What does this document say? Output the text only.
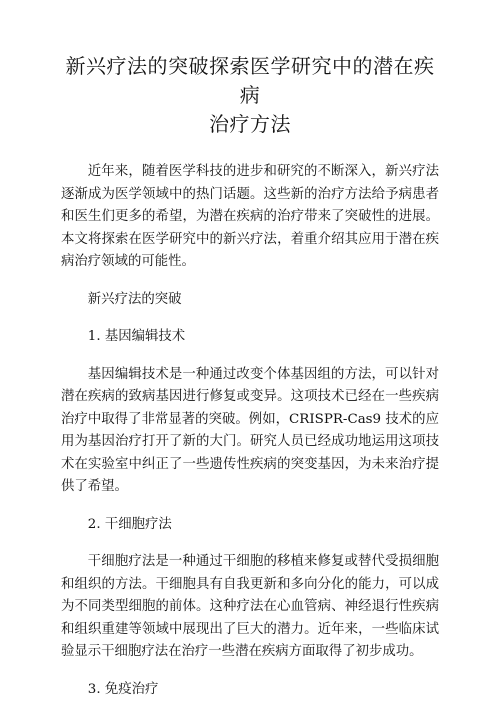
新兴疗法的突破探索医学研究中的潜在疾病
治疗方法

近年来，随着医学科技的进步和研究的不断深入，新兴疗法逐渐成为医学领域中的热门话题。这些新的治疗方法给予病患者和医生们更多的希望，为潜在疾病的治疗带来了突破性的进展。本文将探索在医学研究中的新兴疗法，着重介绍其应用于潜在疾病治疗领域的可能性。

新兴疗法的突破

1. 基因编辑技术

基因编辑技术是一种通过改变个体基因组的方法，可以针对潜在疾病的致病基因进行修复或变异。这项技术已经在一些疾病治疗中取得了非常显著的突破。例如，CRISPR-Cas9 技术的应用为基因治疗打开了新的大门。研究人员已经成功地运用这项技术在实验室中纠正了一些遗传性疾病的突变基因，为未来治疗提供了希望。

2. 干细胞疗法

干细胞疗法是一种通过干细胞的移植来修复或替代受损细胞和组织的方法。干细胞具有自我更新和多向分化的能力，可以成为不同类型细胞的前体。这种疗法在心血管病、神经退行性疾病和组织重建等领域中展现出了巨大的潜力。近年来，一些临床试验显示干细胞疗法在治疗一些潜在疾病方面取得了初步成功。

3. 免疫治疗
